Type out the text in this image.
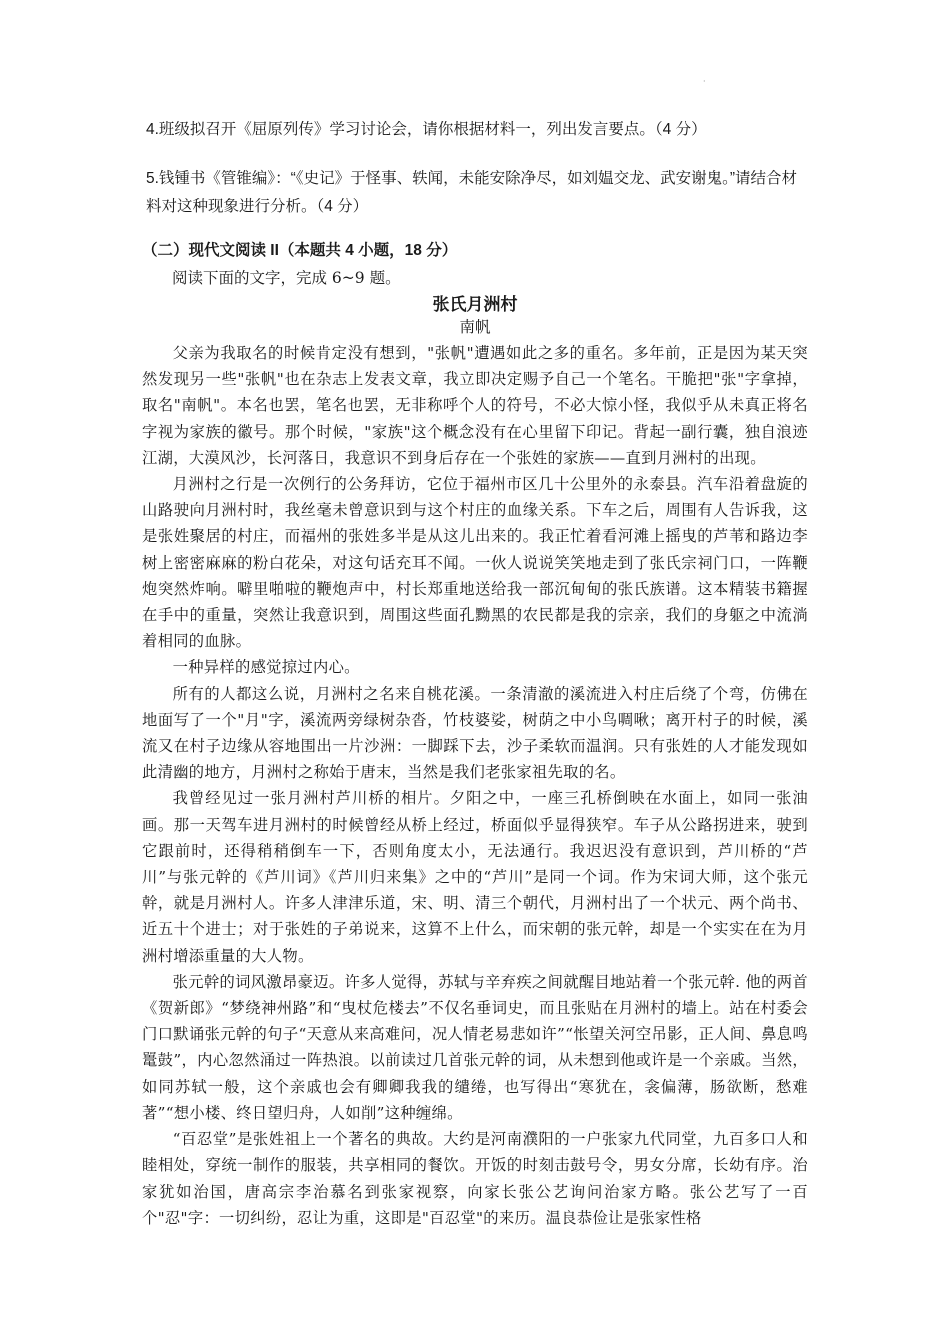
·

4.班级拟召开《屈原列传》学习讨论会，请你根据材料一，列出发言要点。（4 分）

5.钱锺书《管锥编》：“《史记》于怪事、轶闻，未能安除净尽，如刘媪交龙、武安谢鬼。”请结合材料对这种现象进行分析。（4 分）

（二）现代文阅读 II（本题共 4 小题，18 分）

阅读下面的文字，完成 6~9 题。

张氏月洲村

南帆

父亲为我取名的时候肯定没有想到，"张帆"遭遇如此之多的重名。多年前，正是因为某天突然发现另一些"张帆"也在杂志上发表文章，我立即决定赐予自己一个笔名。干脆把"张"字拿掉，取名"南帆"。本名也罢，笔名也罢，无非称呼个人的符号，不必大惊小怪，我似乎从未真正将名字视为家族的徽号。那个时候，"家族"这个概念没有在心里留下印记。背起一副行囊，独自浪迹江湖，大漠风沙，长河落日，我意识不到身后存在一个张姓的家族——直到月洲村的出现。

月洲村之行是一次例行的公务拜访，它位于福州市区几十公里外的永泰县。汽车沿着盘旋的山路驶向月洲村时，我丝毫未曾意识到与这个村庄的血缘关系。下车之后，周围有人告诉我，这是张姓聚居的村庄，而福州的张姓多半是从这儿出来的。我正忙着看河滩上摇曳的芦苇和路边李树上密密麻麻的粉白花朵，对这句话充耳不闻。一伙人说说笑笑地走到了张氏宗祠门口，一阵鞭炮突然炸响。噼里啪啦的鞭炮声中，村长郑重地送给我一部沉甸甸的张氏族谱。这本精装书籍握在手中的重量，突然让我意识到，周围这些面孔黝黑的农民都是我的宗亲，我们的身躯之中流淌着相同的血脉。

一种异样的感觉掠过内心。

所有的人都这么说，月洲村之名来自桃花溪。一条清澈的溪流进入村庄后绕了个弯，仿佛在地面写了一个"月"字，溪流两旁绿树杂沓，竹枝婆娑，树荫之中小鸟啁啾；离开村子的时候，溪流又在村子边缘从容地围出一片沙洲：一脚踩下去，沙子柔软而温润。只有张姓的人才能发现如此清幽的地方，月洲村之称始于唐末，当然是我们老张家祖先取的名。

我曾经见过一张月洲村芦川桥的相片。夕阳之中，一座三孔桥倒映在水面上，如同一张油画。那一天驾车进月洲村的时候曾经从桥上经过，桥面似乎显得狭窄。车子从公路拐进来，驶到它跟前时，还得稍稍倒车一下，否则角度太小，无法通行。我迟迟没有意识到，芦川桥的“芦川”与张元幹的《芦川词》《芦川归来集》之中的“芦川”是同一个词。作为宋词大师，这个张元幹，就是月洲村人。许多人津津乐道，宋、明、清三个朝代，月洲村出了一个状元、两个尚书、近五十个进士；对于张姓的子弟说来，这算不上什么，而宋朝的张元幹，却是一个实实在在为月洲村增添重量的大人物。

张元幹的词风激昂豪迈。许多人觉得，苏轼与辛弃疾之间就醒目地站着一个张元幹. 他的两首《贺新郎》“梦绕神州路”和“曳杖危楼去”不仅名垂词史，而且张贴在月洲村的墙上。站在村委会门口默诵张元幹的句子“天意从来高难问，况人情老易悲如许”“怅望关河空吊影，正人间、鼻息鸣鼍鼓”，内心忽然涌过一阵热浪。以前读过几首张元幹的词，从未想到他或许是一个亲戚。当然，如同苏轼一般，这个亲戚也会有卿卿我我的缱绻，也写得出“寒犹在，衾偏薄，肠欲断，愁难著”“想小楼、终日望归舟，人如削”这种缠绵。

“百忍堂”是张姓祖上一个著名的典故。大约是河南濮阳的一户张家九代同堂，九百多口人和睦相处，穿统一制作的服装，共享相同的餐饮。开饭的时刻击鼓号令，男女分席，长幼有序。治家犹如治国，唐高宗李治慕名到张家视察，向家长张公艺询问治家方略。张公艺写了一百个"忍"字：一切纠纷，忍让为重，这即是"百忍堂"的来历。温良恭俭让是张家性格
